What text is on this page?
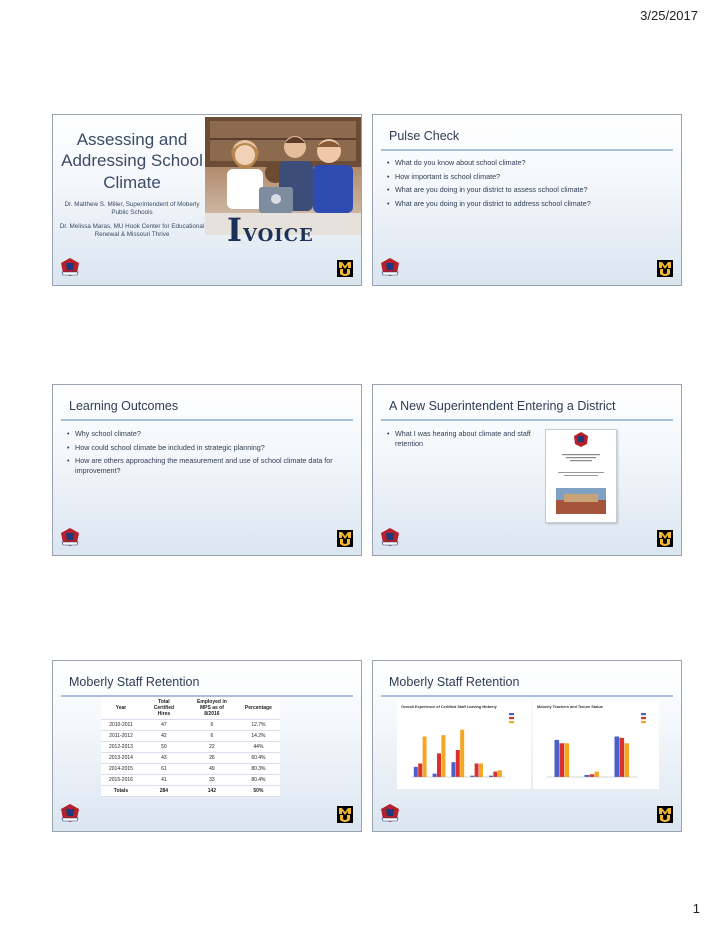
3/25/2017
Assessing and Addressing School Climate
Dr. Matthew S. Miller, Superintendent of Moberly Public Schools
Dr. Melissa Maras, MU Hook Center for Educational Renewal & Missouri Thrive	IVOICE
Pulse Check
• What do you know about school climate?
• How important is school climate?
• What are you doing in your district to assess school climate?
• What are you doing in your district to address school climate?
Learning Outcomes
• Why school climate?
• How could school climate be included in strategic planning?
• How are others approaching the measurement and use of school climate data for improvement?
A New Superintendent Entering a District
• What I was hearing about climate and staff retention
Moberly Staff Retention
Year	Total Certified Hires	Employed in MPS as of 8/2016	Percentage
2010-2011	47	6	12.7%
2011-2012	42	6	14.2%
2012-2013	50	22	44%
2013-2014	43	26	60.4%
2014-2015	61	49	80.3%
2015-2016	41	33	80.4%
Totals	284	142	50%
Moberly Staff Retention
Overall Experience of Certified Staff Leaving Moberly	Moberly Teachers and Tenure Status
1
